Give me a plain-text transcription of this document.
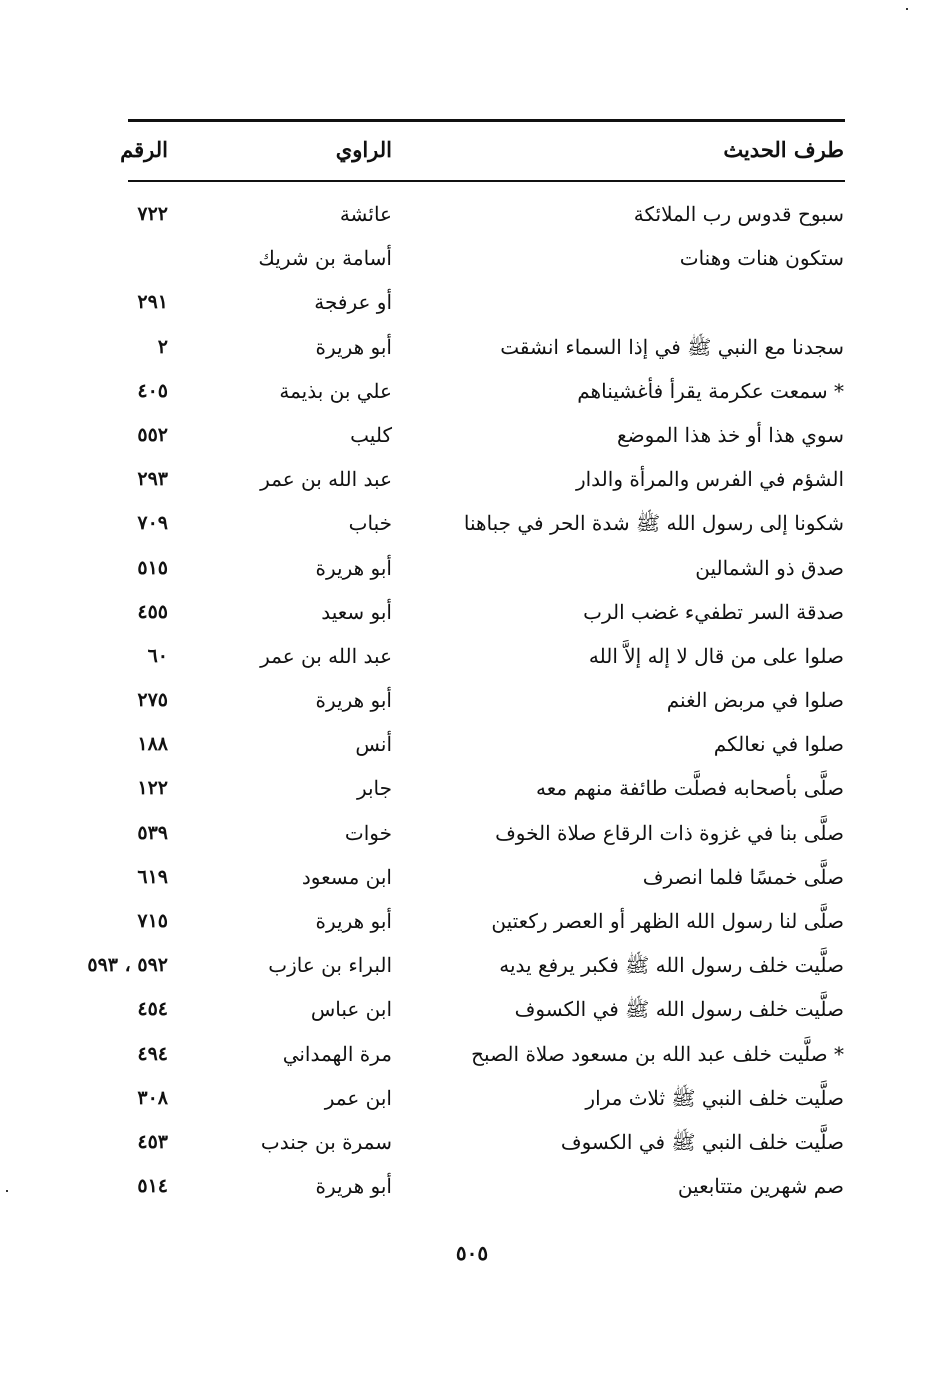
طرف الحديث
الراوي
الرقم
سبوح قدوس رب الملائكة
عائشة
٧٢٢
ستكون هنات وهنات
أسامة بن شريك
أو عرفجة
٢٩١
سجدنا مع النبي ﷺ في إذا السماء انشقت
أبو هريرة
٢
* سمعت عكرمة يقرأ فأغشيناهم
علي بن بذيمة
٤٠٥
سوي هذا أو خذ هذا الموضع
كليب
٥٥٢
الشؤم في الفرس والمرأة والدار
عبد الله بن عمر
٢٩٣
شكونا إلى رسول الله ﷺ شدة الحر في جباهنا
خباب
٧٠٩
صدق ذو الشمالين
أبو هريرة
٥١٥
صدقة السر تطفيء غضب الرب
أبو سعيد
٤٥٥
صلوا على من قال لا إله إلاَّ الله
عبد الله بن عمر
٦٠
صلوا في مربض الغنم
أبو هريرة
٢٧٥
صلوا في نعالكم
أنس
١٨٨
صلَّى بأصحابه فصلَّت طائفة منهم معه
جابر
١٢٢
صلَّى بنا في غزوة ذات الرقاع صلاة الخوف
خوات
٥٣٩
صلَّى خمسًا فلما انصرف
ابن مسعود
٦١٩
صلَّى لنا رسول الله الظهر أو العصر ركعتين
أبو هريرة
٧١٥
صلَّيت خلف رسول الله ﷺ فكبر يرفع يديه
البراء بن عازب
٥٩٢ ، ٥٩٣
صلَّيت خلف رسول الله ﷺ في الكسوف
ابن عباس
٤٥٤
* صلَّيت خلف عبد الله بن مسعود صلاة الصبح
مرة الهمداني
٤٩٤
صلَّيت خلف النبي ﷺ ثلاث مرار
ابن عمر
٣٠٨
صلَّيت خلف النبي ﷺ في الكسوف
سمرة بن جندب
٤٥٣
صم شهرين متتابعين
أبو هريرة
٥١٤
٥٠٥
